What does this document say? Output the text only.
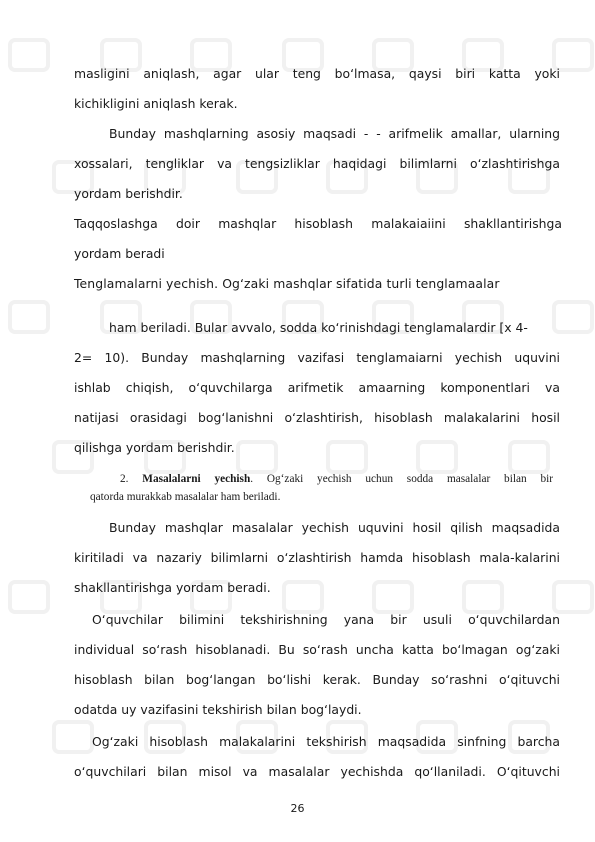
masligini aniqlash, agar ular teng bo‘lmasa, qaysi biri katta yoki
kichikligini aniqlash kerak.
Bunday mashqlarning asosiy maqsadi - - arifmelik amallar, ularning
xossalari, tengliklar va tengsizliklar haqidagi bilimlarni o‘zlashtirishga
yordam berishdir.
Taqqoslashga doir mashqlar hisoblash malakaiaiini shakllantirishga
yordam beradi
Tenglamalarni yechish. Og‘zaki mashqlar sifatida turli tenglamaalar
ham beriladi. Bular avvalo, sodda ko‘rinishdagi tenglamalardir [x 4-
2= 10). Bunday mashqlarning vazifasi tenglamaiarni yechish uquvini
ishlab chiqish, o‘quvchilarga arifmetik amaarning komponentlari va
natijasi orasidagi bog‘lanishni o‘zlashtirish, hisoblash malakalarini hosil
qilishga yordam berishdir.
2. Masalalarni yechish. Og‘zaki yechish uchun sodda masalalar bilan bir
qatorda murakkab masalalar ham beriladi.
Bunday mashqlar masalalar yechish uquvini hosil qilish maqsadida
kiritiladi va nazariy bilimlarni o‘zlashtirish hamda hisoblash mala-kalarini
shakllantirishga yordam beradi.
O‘quvchilar bilimini tekshirishning yana bir usuli o‘quvchilardan
individual so‘rash hisoblanadi. Bu so‘rash uncha katta bo‘lmagan og‘zaki
hisoblash bilan bog‘langan bo‘lishi kerak. Bunday so‘rashni o‘qituvchi
odatda uy vazifasini tekshirish bilan bog‘laydi.
Og‘zaki hisoblash malakalarini tekshirish maqsadida sinfning barcha
o‘quvchilari bilan misol va masalalar yechishda qo‘llaniladi. O‘qituvchi
26
